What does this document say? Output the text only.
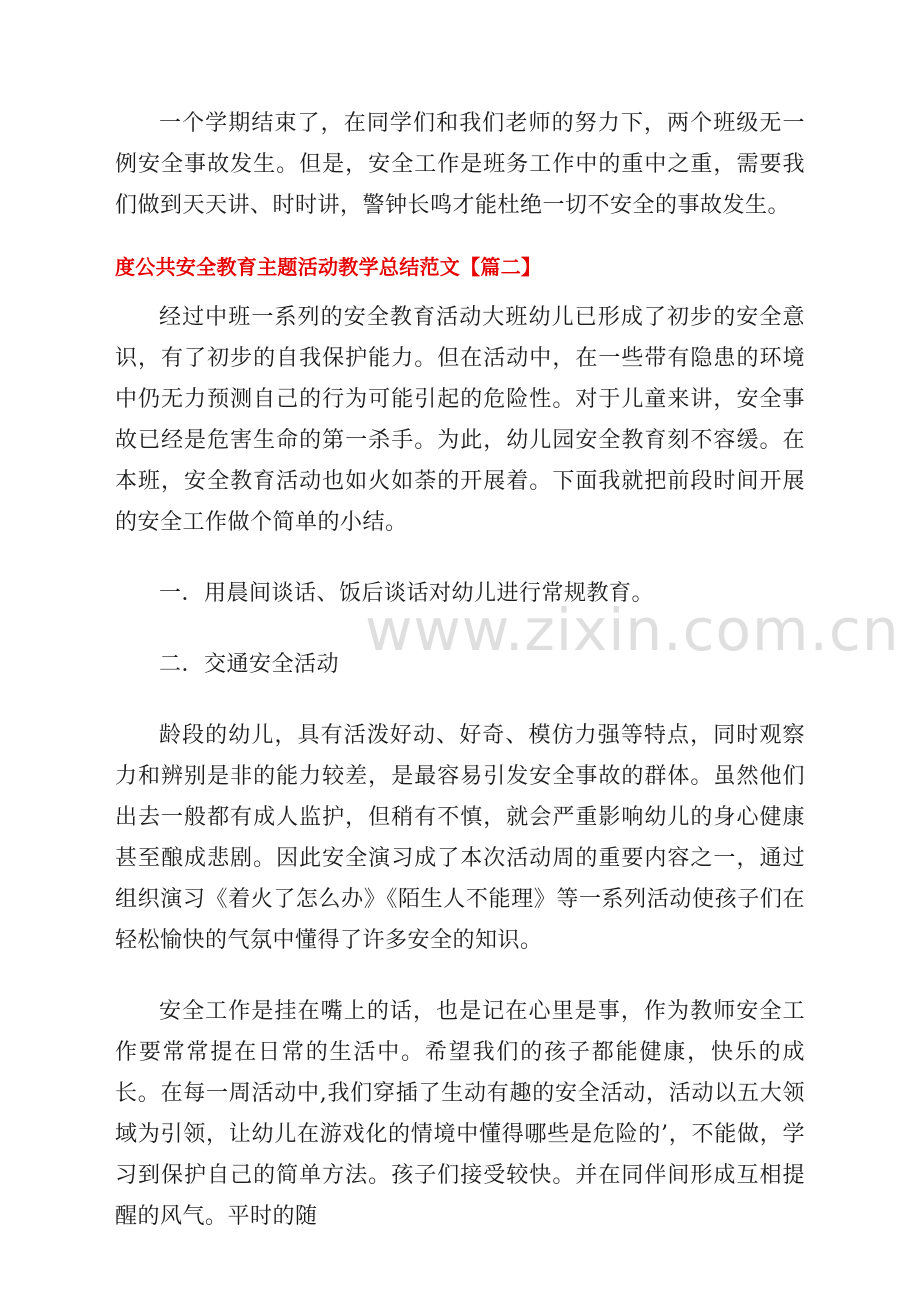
一个学期结束了，在同学们和我们老师的努力下，两个班级无一例安全事故发生。但是，安全工作是班务工作中的重中之重，需要我们做到天天讲、时时讲，警钟长鸣才能杜绝一切不安全的事故发生。

度公共安全教育主题活动教学总结范文【篇二】

经过中班一系列的安全教育活动大班幼儿已形成了初步的安全意识，有了初步的自我保护能力。但在活动中，在一些带有隐患的环境中仍无力预测自己的行为可能引起的危险性。对于儿童来讲，安全事故已经是危害生命的第一杀手。为此，幼儿园安全教育刻不容缓。在本班，安全教育活动也如火如荼的开展着。下面我就把前段时间开展的安全工作做个简单的小结。

一．用晨间谈话、饭后谈话对幼儿进行常规教育。

二．交通安全活动

龄段的幼儿，具有活泼好动、好奇、模仿力强等特点，同时观察力和辨别是非的能力较差，是最容易引发安全事故的群体。虽然他们出去一般都有成人监护，但稍有不慎，就会严重影响幼儿的身心健康甚至酿成悲剧。因此安全演习成了本次活动周的重要内容之一，通过组织演习《着火了怎么办》《陌生人不能理》等一系列活动使孩子们在轻松愉快的气氛中懂得了许多安全的知识。

安全工作是挂在嘴上的话，也是记在心里是事，作为教师安全工作要常常提在日常的生活中。希望我们的孩子都能健康，快乐的成长。在每一周活动中,我们穿插了生动有趣的安全活动，活动以五大领域为引领，让幼儿在游戏化的情境中懂得哪些是危险的’，不能做，学习到保护自己的简单方法。孩子们接受较快。并在同伴间形成互相提醒的风气。平时的随

www.zixin.com.cn
